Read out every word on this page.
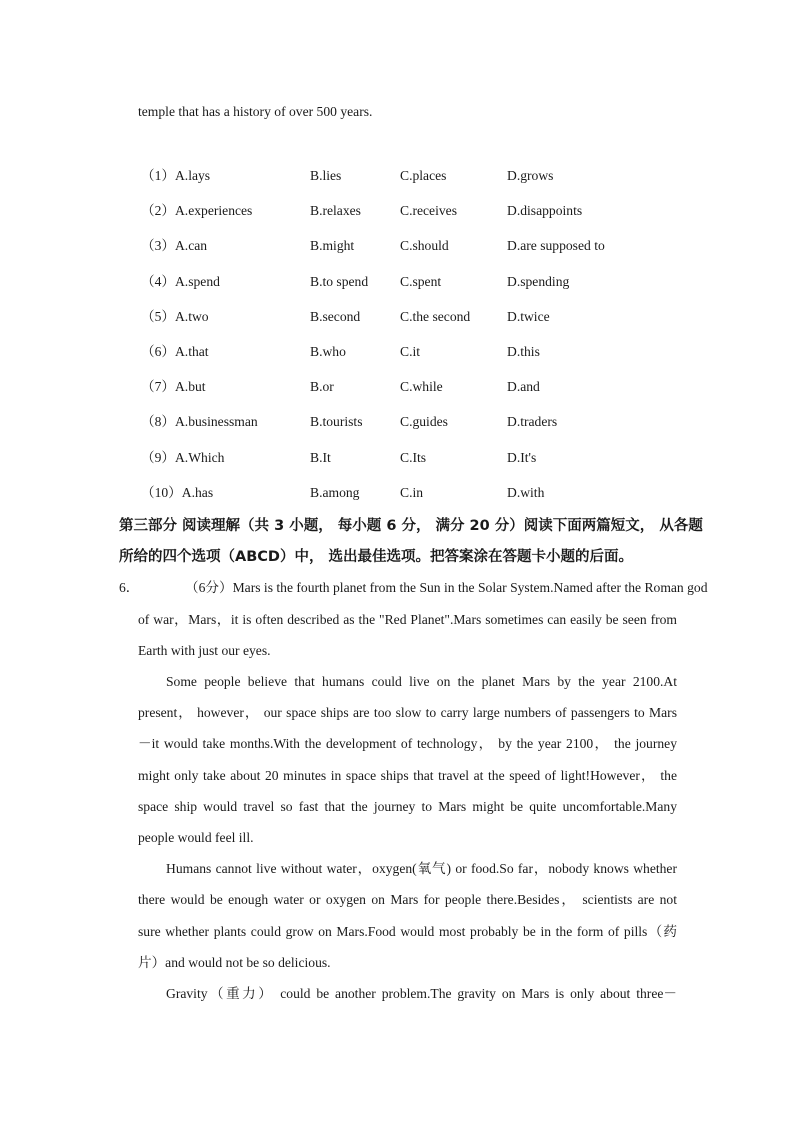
temple that has a history of over 500 years.
（1）A.lays	B.lies	C.places	D.grows
（2）A.experiences	B.relaxes	C.receives	D.disappoints
（3）A.can	B.might	C.should	D.are supposed to
（4）A.spend	B.to spend C.spent	D.spending
（5）A.two	B.second	C.the second	D.twice
（6）A.that	B.who	C.it	D.this
（7）A.but	B.or	C.while	D.and
（8）A.businessman	B.tourists	C.guides	D.traders
（9）A.Which	B.It	C.Its	D.It's
（10）A.has	B.among	C.in	D.with
第三部分 阅读理解（共 3 小题， 每小题 6 分， 满分 20 分）阅读下面两篇短文， 从各题
所给的四个选项（ABCD）中， 选出最佳选项。把答案涂在答题卡小题的后面。
6．	（6分）Mars is the fourth planet from the Sun in the Solar System.Named after the Roman god
of war，Mars，it is often described as the "Red Planet".Mars sometimes can easily be seen from
Earth with just our eyes.
Some people believe that humans could live on the planet Mars by the year 2100.At
present， however， our space ships are too slow to carry large numbers of passengers to Mars
－it would take months.With the development of technology， by the year 2100， the journey
might only take about 20 minutes in space ships that travel at the speed of light!However， the
space ship would travel so fast that the journey to Mars might be quite uncomfortable.Many
people would feel ill.
Humans cannot live without water，oxygen(氧气) or food.So far，nobody knows whether
there would be enough water or oxygen on Mars for people there.Besides， scientists are not
sure whether plants could grow on Mars.Food would most probably be in the form of pills（药
片）and would not be so delicious.
Gravity（重力） could be another problem.The gravity on Mars is only about three－
